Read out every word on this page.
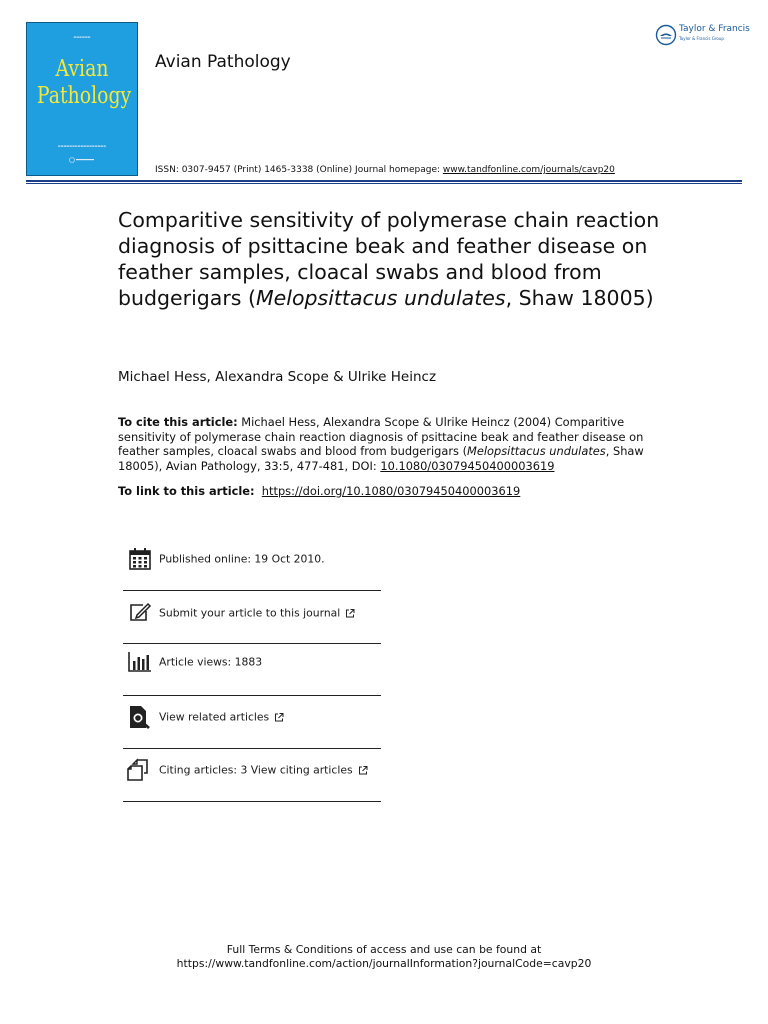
▬▬▬▬▬▬
Avian
Pathology
▬▬▬▬▬▬▬▬▬▬▬▬▬▬▬▬▬
Avian Pathology
ISSN: 0307-9457 (Print) 1465-3338 (Online) Journal homepage: www.tandfonline.com/journals/cavp20
Taylor & Francis
Taylor & Francis Group
Comparitive sensitivity of polymerase chain reaction diagnosis of psittacine beak and feather disease on feather samples, cloacal swabs and blood from budgerigars (Melopsittacus undulates, Shaw 18005)
Michael Hess, Alexandra Scope & Ulrike Heincz
To cite this article: Michael Hess, Alexandra Scope & Ulrike Heincz (2004) Comparitive sensitivity of polymerase chain reaction diagnosis of psittacine beak and feather disease on feather samples, cloacal swabs and blood from budgerigars (Melopsittacus undulates, Shaw 18005), Avian Pathology, 33:5, 477-481, DOI: 10.1080/03079450400003619
To link to this article: https://doi.org/10.1080/03079450400003619
Published online: 19 Oct 2010.
Submit your article to this journal
Article views: 1883
View related articles
Citing articles: 3 View citing articles
Full Terms & Conditions of access and use can be found at
https://www.tandfonline.com/action/journalInformation?journalCode=cavp20
